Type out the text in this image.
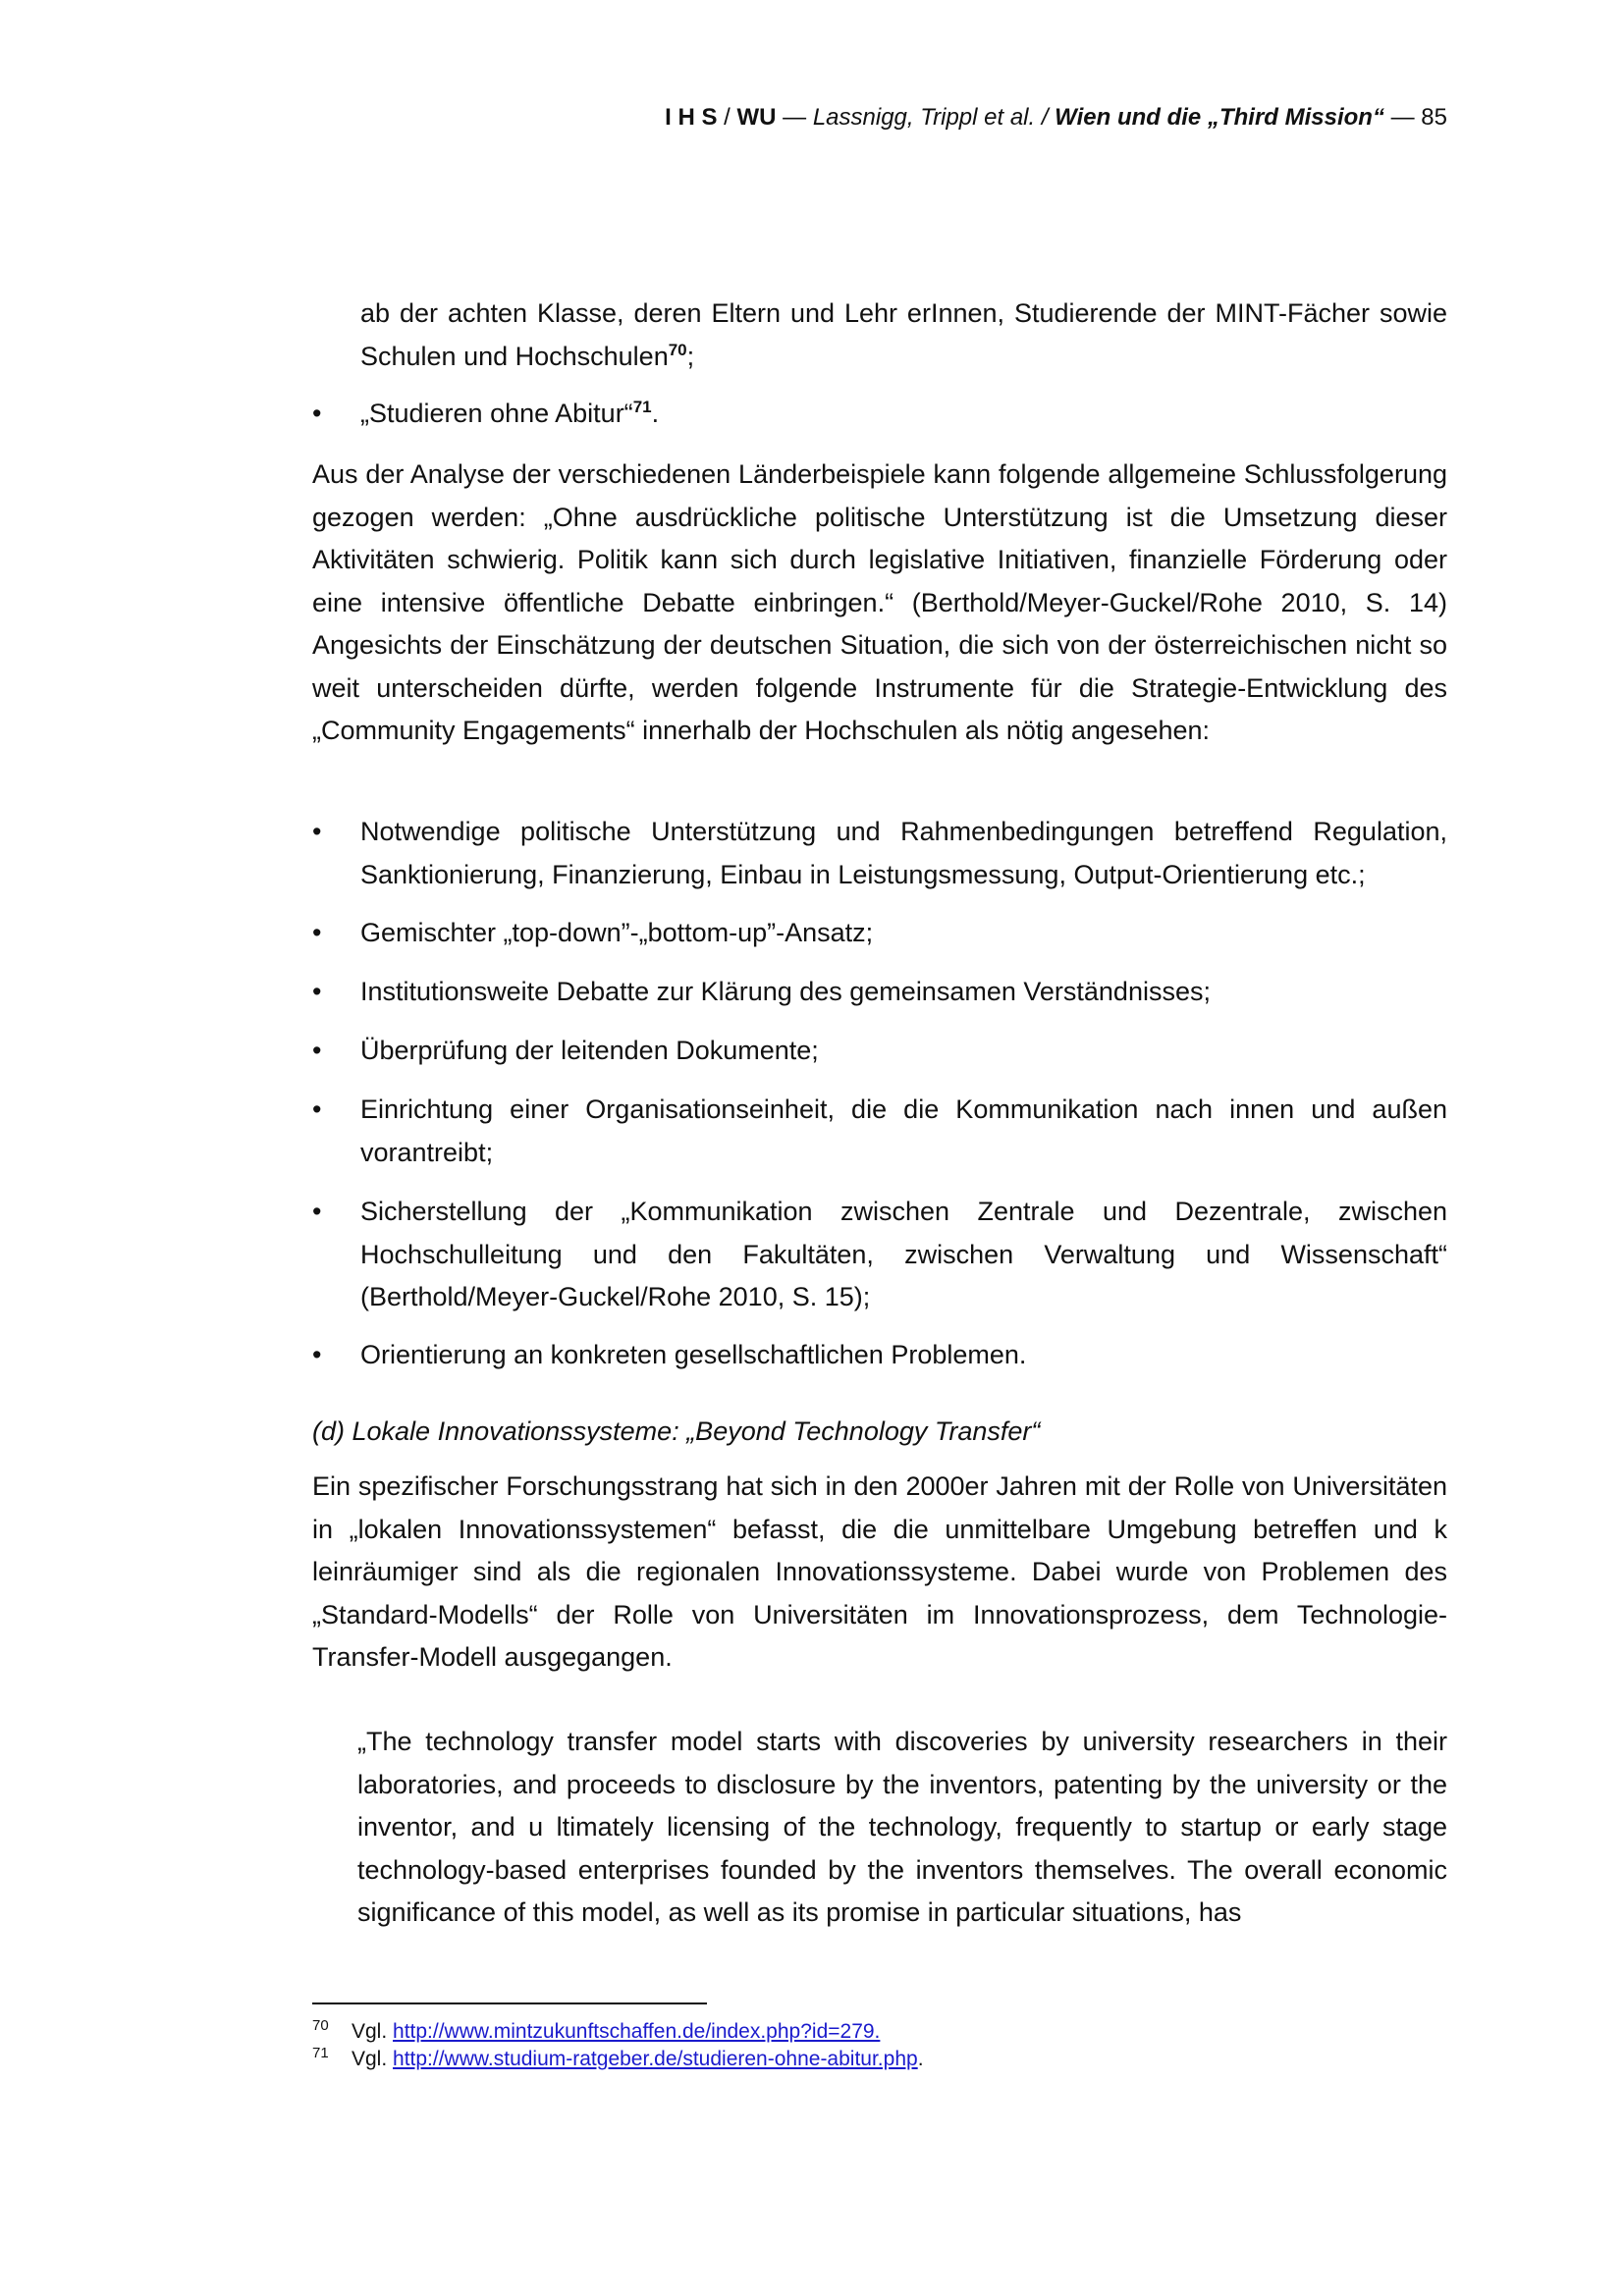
I H S / WU — Lassnigg, Trippl et al. / Wien und die „Third Mission“ — 85
ab der achten Klasse, deren Eltern und Lehr erInnen, Studierende der MINT-Fächer sowie Schulen und Hochschulen$^{70}$;
•	„Studieren ohne Abitur“$^{71}$.
Aus der Analyse der verschiedenen Länderbeispiele kann folgende allgemeine Schlussfolgerung gezogen werden: „Ohne ausdrückliche politische Unterstützung ist die Umsetzung dieser Aktivitäten schwierig. Politik kann sich durch legislative Initiativen, finanzielle Förderung oder eine intensive öffentliche Debatte einbringen.“ (Berthold/Meyer-Guckel/Rohe 2010, S. 14) Angesichts der Einschätzung der deutschen Situation, die sich von der österreichischen nicht so weit unterscheiden dürfte, werden folgende Instrumente für die Strategie-Entwicklung des „Community Engagements“ innerhalb der Hochschulen als nötig angesehen:
•	Notwendige politische Unterstützung und Rahmenbedingungen betreffend Regulation, Sanktionierung, Finanzierung, Einbau in Leistungsmessung, Output-Orientierung etc.;
•	Gemischter „top-down”-„bottom-up”-Ansatz;
•	Institutionsweite Debatte zur Klärung des gemeinsamen Verständnisses;
•	Überprüfung der leitenden Dokumente;
•	Einrichtung einer Organisationseinheit, die die Kommunikation nach innen und außen vorantreibt;
•	Sicherstellung der „Kommunikation zwischen Zentrale und Dezentrale, zwischen Hochschulleitung und den Fakultäten, zwischen Verwaltung und Wissenschaft“ (Berthold/Meyer-Guckel/Rohe 2010, S. 15);
•	Orientierung an konkreten gesellschaftlichen Problemen.
(d) Lokale Innovationssysteme: „Beyond Technology Transfer“
Ein spezifischer Forschungsstrang hat sich in den 2000er Jahren mit der Rolle von Universitäten in „lokalen Innovationssystemen“ befasst, die die unmittelbare Umgebung betreffen und k leinräumiger sind als die regionalen Innovationssysteme. Dabei wurde von Problemen des „Standard-Modells“ der Rolle von Universitäten im Innovationsprozess, dem Technologie-Transfer-Modell ausgegangen.
„The technology transfer model starts with discoveries by university researchers in their laboratories, and proceeds to disclosure by the inventors, patenting by the university or the inventor, and u ltimately licensing of the technology, frequently to startup or early stage technology-based enterprises founded by the inventors themselves. The overall economic significance of this model, as well as its promise in particular situations, has
70 Vgl. http://www.mintzukunftschaffen.de/index.php?id=279.
71 Vgl. http://www.studium-ratgeber.de/studieren-ohne-abitur.php.
